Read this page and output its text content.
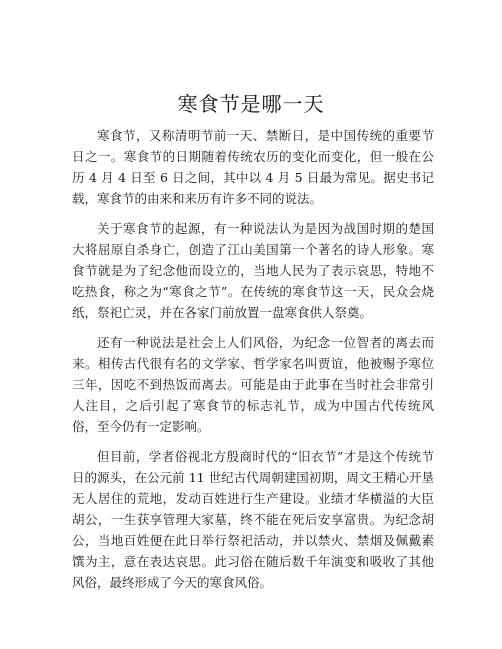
寒食节是哪一天

寒食节，又称清明节前一天、禁断日，是中国传统的重要节日之一。寒食节的日期随着传统农历的变化而变化，但一般在公历 4 月 4 日至 6 日之间，其中以 4 月 5 日最为常见。据史书记载，寒食节的由来和来历有许多不同的说法。

关于寒食节的起源，有一种说法认为是因为战国时期的楚国大将屈原自杀身亡，创造了江山美国第一个著名的诗人形象。寒食节就是为了纪念他而设立的，当地人民为了表示哀思，特地不吃热食，称之为“寒食之节”。在传统的寒食节这一天，民众会烧纸，祭祀亡灵，并在各家门前放置一盘寒食供人祭奠。

还有一种说法是社会上人们风俗，为纪念一位智者的离去而来。相传古代很有名的文学家、哲学家名叫贾谊，他被赐予寒位三年，因吃不到热饭而离去。可能是由于此事在当时社会非常引人注目，之后引起了寒食节的标志礼节，成为中国古代传统风俗，至今仍有一定影响。

但目前，学者俗视北方殷商时代的“旧衣节”才是这个传统节日的源头，在公元前 11 世纪古代周朝建国初期，周文王精心开垦无人居住的荒地，发动百姓进行生产建设。业绩才华横溢的大臣胡公，一生获享管理大家墓，终不能在死后安享富贵。为纪念胡公，当地百姓便在此日举行祭祀活动，并以禁火、禁烟及佩戴素馔为主，意在表达哀思。此习俗在随后数千年演变和吸收了其他风俗，最终形成了今天的寒食风俗。
